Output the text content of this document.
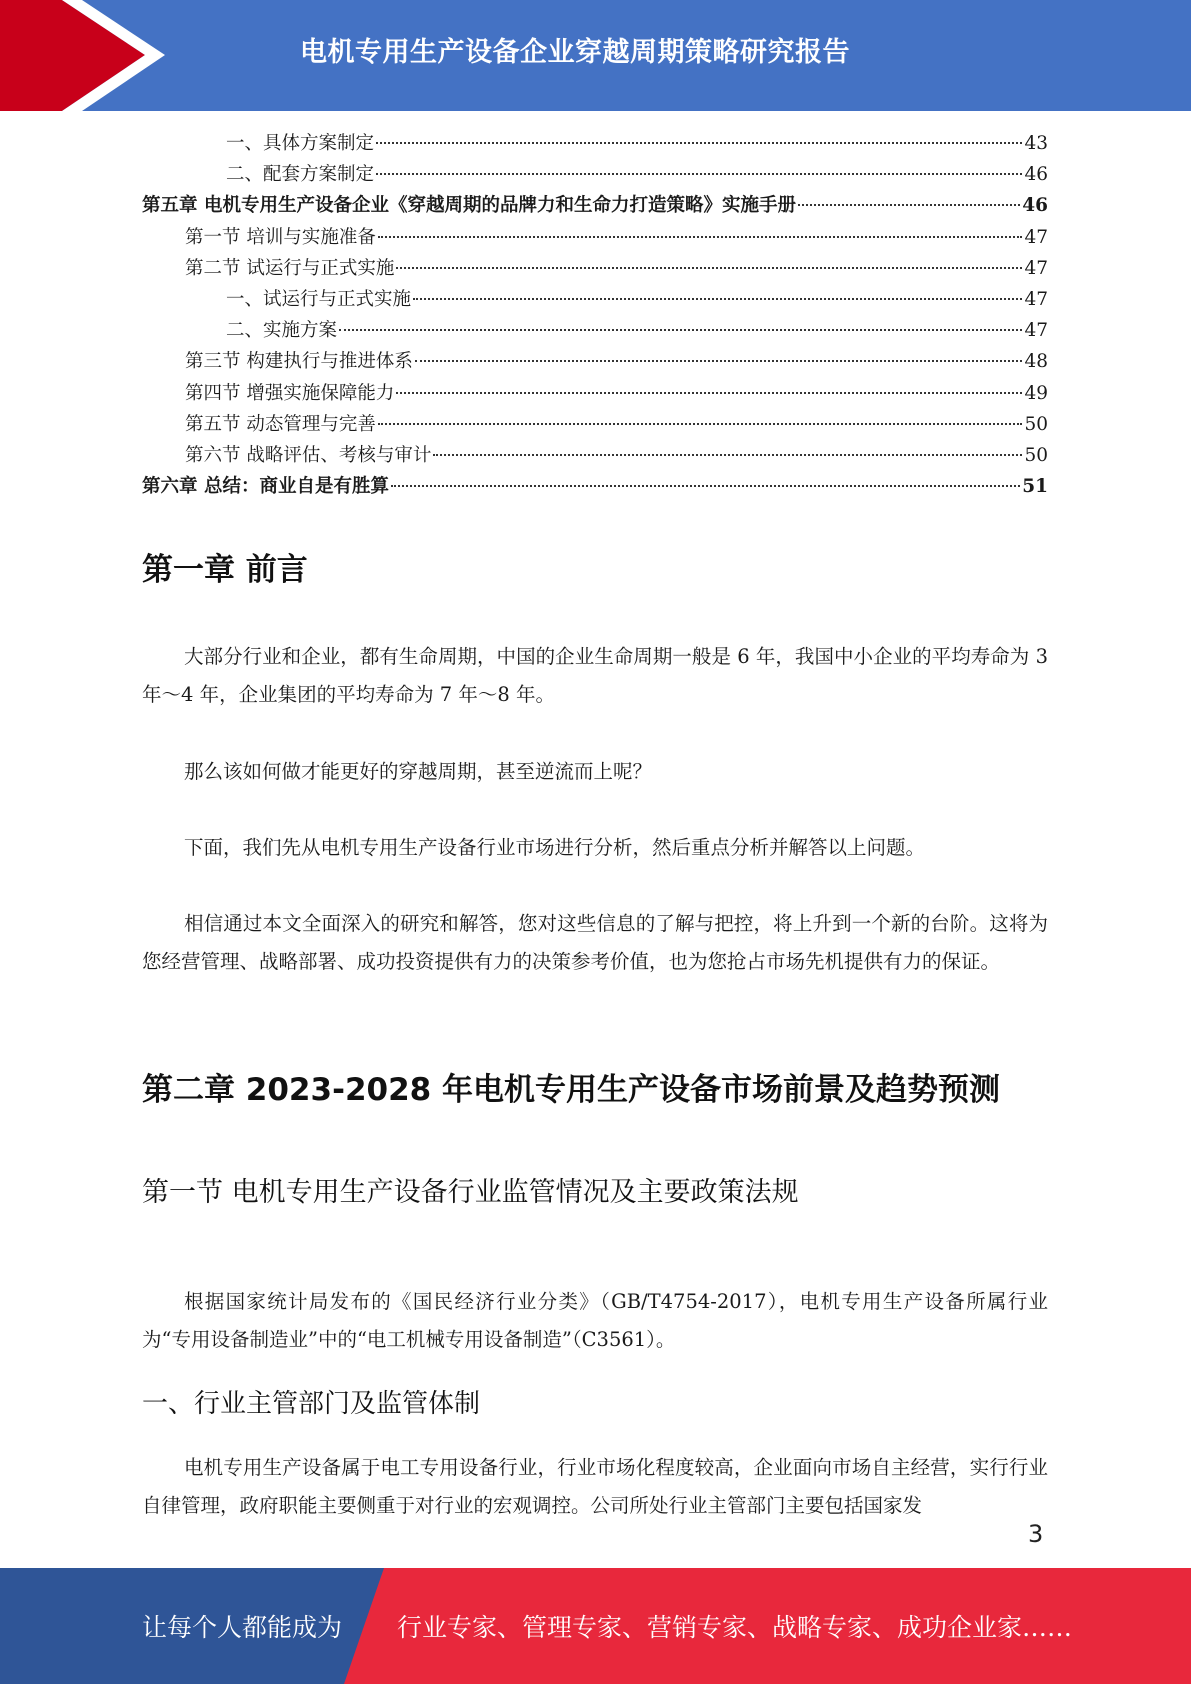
电机专用生产设备企业穿越周期策略研究报告
一、具体方案制定	43
二、配套方案制定	46
第五章 电机专用生产设备企业《穿越周期的品牌力和生命力打造策略》实施手册	46
第一节 培训与实施准备	47
第二节 试运行与正式实施	47
一、试运行与正式实施	47
二、实施方案	47
第三节 构建执行与推进体系	48
第四节 增强实施保障能力	49
第五节 动态管理与完善	50
第六节 战略评估、考核与审计	50
第六章 总结：商业自是有胜算	51
第一章 前言
大部分行业和企业，都有生命周期，中国的企业生命周期一般是 6 年，我国中小企业的平均寿命为 3 年～4 年，企业集团的平均寿命为 7 年～8 年。
那么该如何做才能更好的穿越周期，甚至逆流而上呢？
下面，我们先从电机专用生产设备行业市场进行分析，然后重点分析并解答以上问题。
相信通过本文全面深入的研究和解答，您对这些信息的了解与把控，将上升到一个新的台阶。这将为您经营管理、战略部署、成功投资提供有力的决策参考价值，也为您抢占市场先机提供有力的保证。
第二章 2023-2028 年电机专用生产设备市场前景及趋势预测
第一节 电机专用生产设备行业监管情况及主要政策法规
根据国家统计局发布的《国民经济行业分类》（GB/T4754-2017），电机专用生产设备所属行业为“专用设备制造业”中的“电工机械专用设备制造”（C3561）。
一、行业主管部门及监管体制
电机专用生产设备属于电工专用设备行业，行业市场化程度较高，企业面向市场自主经营，实行行业自律管理，政府职能主要侧重于对行业的宏观调控。公司所处行业主管部门主要包括国家发
3
让每个人都能成为 行业专家、管理专家、营销专家、战略专家、成功企业家……
